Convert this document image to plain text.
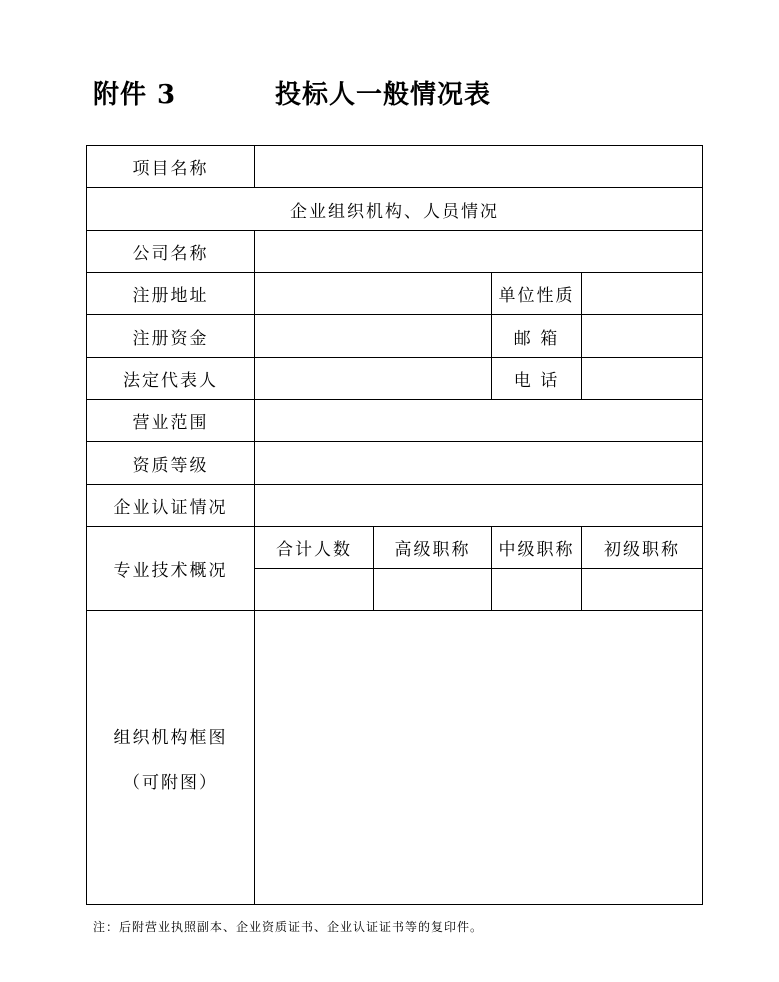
附件 3	投标人一般情况表
项目名称				
企业组织机构、人员情况				
公司名称				
注册地址			单位性质	
注册资金			邮 箱	
法定代表人			电 话	
营业范围				
资质等级				
企业认证情况				
专业技术概况	合计人数	高级职称	中级职称	初级职称

组织机构框图
（可附图）				

注：后附营业执照副本、企业资质证书、企业认证证书等的复印件。
